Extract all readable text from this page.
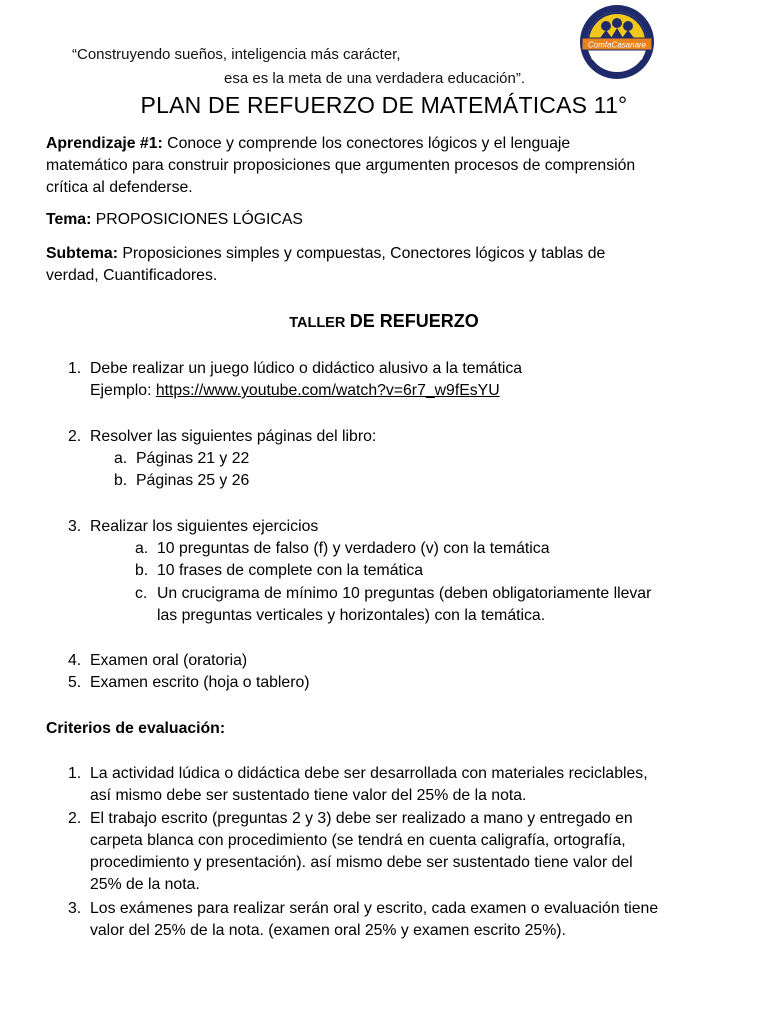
“Construyendo sueños, inteligencia más carácter,
esa es la meta de una verdadera educación”.
ComfaCasanare
GIMNASIO
PLAN DE REFUERZO DE MATEMÁTICAS 11°
Aprendizaje #1: Conoce y comprende los conectores lógicos y el lenguaje
matemático para construir proposiciones que argumenten procesos de comprensión
crítica al defenderse.
Tema: PROPOSICIONES LÓGICAS
Subtema: Proposiciones simples y compuestas, Conectores lógicos y tablas de
verdad, Cuantificadores.
TALLER DE REFUERZO
1. Debe realizar un juego lúdico o didáctico alusivo a la temática
Ejemplo: https://www.youtube.com/watch?v=6r7_w9fEsYU
2. Resolver las siguientes páginas del libro:
a. Páginas 21 y 22
b. Páginas 25 y 26
3. Realizar los siguientes ejercicios
a. 10 preguntas de falso (f) y verdadero (v) con la temática
b. 10 frases de complete con la temática
c. Un crucigrama de mínimo 10 preguntas (deben obligatoriamente llevar
las preguntas verticales y horizontales) con la temática.
4. Examen oral (oratoria)
5. Examen escrito (hoja o tablero)
Criterios de evaluación:
1. La actividad lúdica o didáctica debe ser desarrollada con materiales reciclables,
así mismo debe ser sustentado tiene valor del 25% de la nota.
2. El trabajo escrito (preguntas 2 y 3) debe ser realizado a mano y entregado en
carpeta blanca con procedimiento (se tendrá en cuenta caligrafía, ortografía,
procedimiento y presentación). así mismo debe ser sustentado tiene valor del
25% de la nota.
3. Los exámenes para realizar serán oral y escrito, cada examen o evaluación tiene
valor del 25% de la nota. (examen oral 25% y examen escrito 25%).
